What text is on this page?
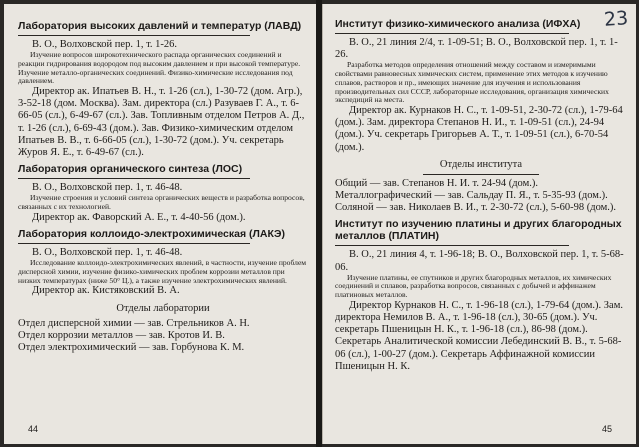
Лаборатория высоких давлений и температур (ЛАВД)
В. О., Волховской пер. 1, т. 1-26.
Изучение вопросов широкотехнического распада органических соединений и реакции гидрирования водородом под высоким давлением и при высокой температуре. Изучение металло-органических соединений. Физико-химические исследования под давлением.
Директор ак. Ипатьев В. Н., т. 1-26 (сл.), 1-30-72 (дом. Агр.), 3-52-18 (дом. Москва). Зам. директора (сл.) Разуваев Г. А., т. 6-66-05 (сл.), 6-49-67 (сл.). Зав. Топливным отделом Петров А. Д., т. 1-26 (сл.), 6-69-43 (дом.). Зав. Физико-химическим отделом Ипатьев В. В., т. 6-66-05 (сл.), 1-30-72 (дом.). Уч. секретарь Журов Я. Е., т. 6-49-67 (сл.).
Лаборатория органического синтеза (ЛОС)
В. О., Волховской пер. 1, т. 46-48.
Изучение строения и условий синтеза органических веществ и разработка вопросов, связанных с их технологией.
Директор ак. Фаворский А. Е., т. 4-40-56 (дом.).
Лаборатория коллоидо-электрохимическая (ЛАКЭ)
В. О., Волховской пер. 1, т. 46-48.
Исследование коллоидо-электрохимических явлений, в частности, изучение проблем дисперсной химии, изучение физико-химических проблем коррозии металлов при низких температурах (ниже 50° Ц.), а также изучение электрохимических явлений.
Директор ак. Кистяковский В. А.
Отделы лаборатории
Отдел дисперсной химии — зав. Стрельников А. Н.
Отдел коррозии металлов — зав. Кротов И. В.
Отдел электрохимический — зав. Горбунова К. М.
44
23
Институт физико-химического анализа (ИФХА)
В. О., 21 линия 2/4, т. 1-09-51; В. О., Волховской пер. 1, т. 1-26.
Разработка методов определения отношений между составом и измеримыми свойствами равновесных химических систем, применение этих методов к изучению сплавов, растворов и пр., имеющих значение для изучения и использования производительных сил СССР, лабораторные исследования, организация химических экспедиций на места.
Директор ак. Курнаков Н. С., т. 1-09-51, 2-30-72 (сл.), 1-79-64 (дом.). Зам. директора Степанов Н. И., т. 1-09-51 (сл.), 24-94 (дом.). Уч. секретарь Григорьев А. Т., т. 1-09-51 (сл.), 6-70-54 (дом.).
Отделы института
Общий — зав. Степанов Н. И. т. 24-94 (дом.).
Металлографический — зав. Сальдау П. Я., т. 5-35-93 (дом.).
Соляной — зав. Николаев В. И., т. 2-30-72 (сл.), 5-60-98 (дом.).
Институт по изучению платины и других благородных металлов (ПЛАТИН)
В. О., 21 линия 4, т. 1-96-18; В. О., Волховской пер. 1, т. 5-68-06.
Изучение платины, ее спутников и других благородных металлов, их химических соединений и сплавов, разработка вопросов, связанных с добычей и аффинажем платиновых металлов.
Директор Курнаков Н. С., т. 1-96-18 (сл.), 1-79-64 (дом.). Зам. директора Немилов В. А., т. 1-96-18 (сл.), 30-65 (дом.). Уч. секретарь Пшеницын Н. К., т. 1-96-18 (сл.), 86-98 (дом.). Секретарь Аналитической комиссии Лебединский В. В., т. 5-68-06 (сл.), 1-00-27 (дом.). Секретарь Аффинажной комиссии Пшеницын Н. К.
45
